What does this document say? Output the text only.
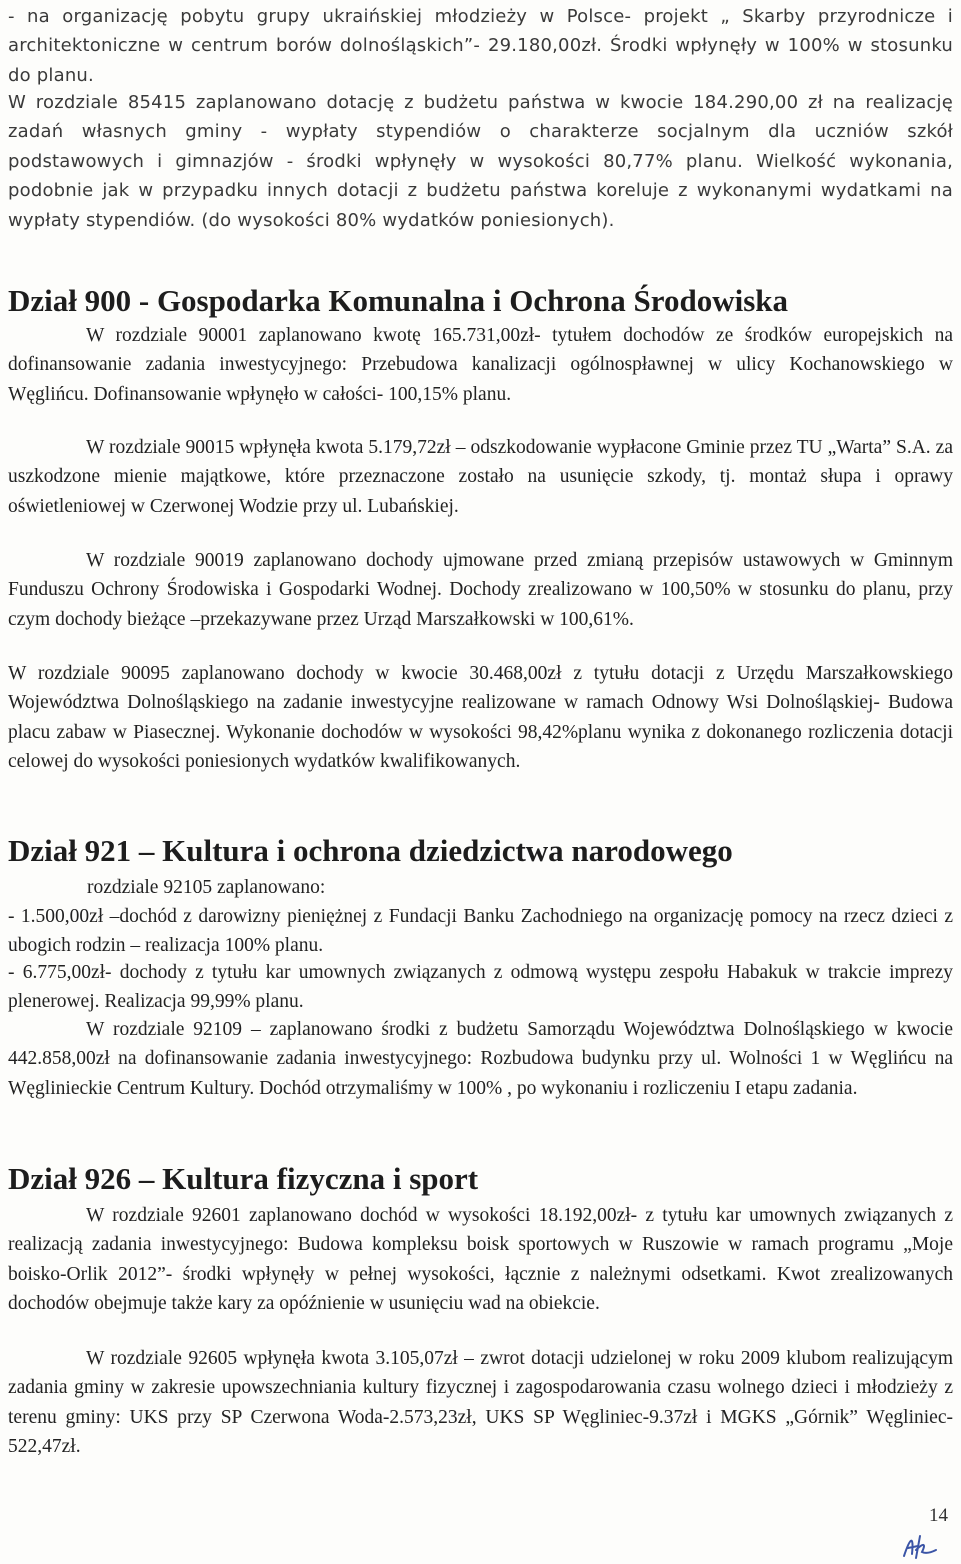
- na organizację pobytu grupy ukraińskiej młodzieży w Polsce- projekt „ Skarby przyrodnicze i architektoniczne w centrum borów dolnośląskich”- 29.180,00zł. Środki wpłynęły w 100% w stosunku do planu.

W rozdziale 85415 zaplanowano dotację z budżetu państwa w kwocie 184.290,00 zł na realizację zadań własnych gminy - wypłaty stypendiów o charakterze socjalnym dla uczniów szkół podstawowych i gimnazjów - środki wpłynęły w wysokości 80,77% planu. Wielkość wykonania, podobnie jak w przypadku innych dotacji z budżetu państwa koreluje z wykonanymi wydatkami na wypłaty stypendiów. (do wysokości 80% wydatków poniesionych).

Dział 900 - Gospodarka Komunalna i Ochrona Środowiska

W rozdziale 90001 zaplanowano kwotę 165.731,00zł- tytułem dochodów ze środków europejskich na dofinansowanie zadania inwestycyjnego: Przebudowa kanalizacji ogólnospławnej w ulicy Kochanowskiego w Węglińcu. Dofinansowanie wpłynęło w całości- 100,15% planu.

W rozdziale 90015 wpłynęła kwota 5.179,72zł – odszkodowanie wypłacone Gminie przez TU „Warta” S.A. za uszkodzone mienie majątkowe, które przeznaczone zostało na usunięcie szkody, tj. montaż słupa i oprawy oświetleniowej w Czerwonej Wodzie przy ul. Lubańskiej.

W rozdziale 90019 zaplanowano dochody ujmowane przed zmianą przepisów ustawowych w Gminnym Funduszu Ochrony Środowiska i Gospodarki Wodnej. Dochody zrealizowano w 100,50% w stosunku do planu, przy czym dochody bieżące –przekazywane przez Urząd Marszałkowski w 100,61%.

W rozdziale 90095 zaplanowano dochody w kwocie 30.468,00zł z tytułu dotacji z Urzędu Marszałkowskiego Województwa Dolnośląskiego na zadanie inwestycyjne realizowane w ramach Odnowy Wsi Dolnośląskiej- Budowa placu zabaw w Piasecznej. Wykonanie dochodów w wysokości 98,42%planu wynika z dokonanego rozliczenia dotacji celowej do wysokości poniesionych wydatków kwalifikowanych.

Dział 921 – Kultura i ochrona dziedzictwa narodowego

rozdziale 92105 zaplanowano:

- 1.500,00zł –dochód z darowizny pieniężnej z Fundacji Banku Zachodniego na organizację pomocy na rzecz dzieci z ubogich rodzin – realizacja 100% planu.

- 6.775,00zł- dochody z tytułu kar umownych związanych z odmową występu zespołu Habakuk w trakcie imprezy plenerowej. Realizacja 99,99% planu.

W rozdziale 92109 – zaplanowano środki z budżetu Samorządu Województwa Dolnośląskiego w kwocie 442.858,00zł na dofinansowanie zadania inwestycyjnego: Rozbudowa budynku przy ul. Wolności 1 w Węglińcu na Węglinieckie Centrum Kultury. Dochód otrzymaliśmy w 100% , po wykonaniu i rozliczeniu I etapu zadania.

Dział 926 – Kultura fizyczna i sport

W rozdziale 92601 zaplanowano dochód w wysokości 18.192,00zł- z tytułu kar umownych związanych z realizacją zadania inwestycyjnego: Budowa kompleksu boisk sportowych w Ruszowie w ramach programu „Moje boisko-Orlik 2012”- środki wpłynęły w pełnej wysokości, łącznie z należnymi odsetkami. Kwot zrealizowanych dochodów obejmuje także kary za opóźnienie w usunięciu wad na obiekcie.

W rozdziale 92605 wpłynęła kwota 3.105,07zł – zwrot dotacji udzielonej w roku 2009 klubom realizującym zadania gminy w zakresie upowszechniania kultury fizycznej i zagospodarowania czasu wolnego dzieci i młodzieży z terenu gminy: UKS przy SP Czerwona Woda-2.573,23zł, UKS SP Węgliniec-9.37zł i MGKS „Górnik” Węgliniec-522,47zł.

14
